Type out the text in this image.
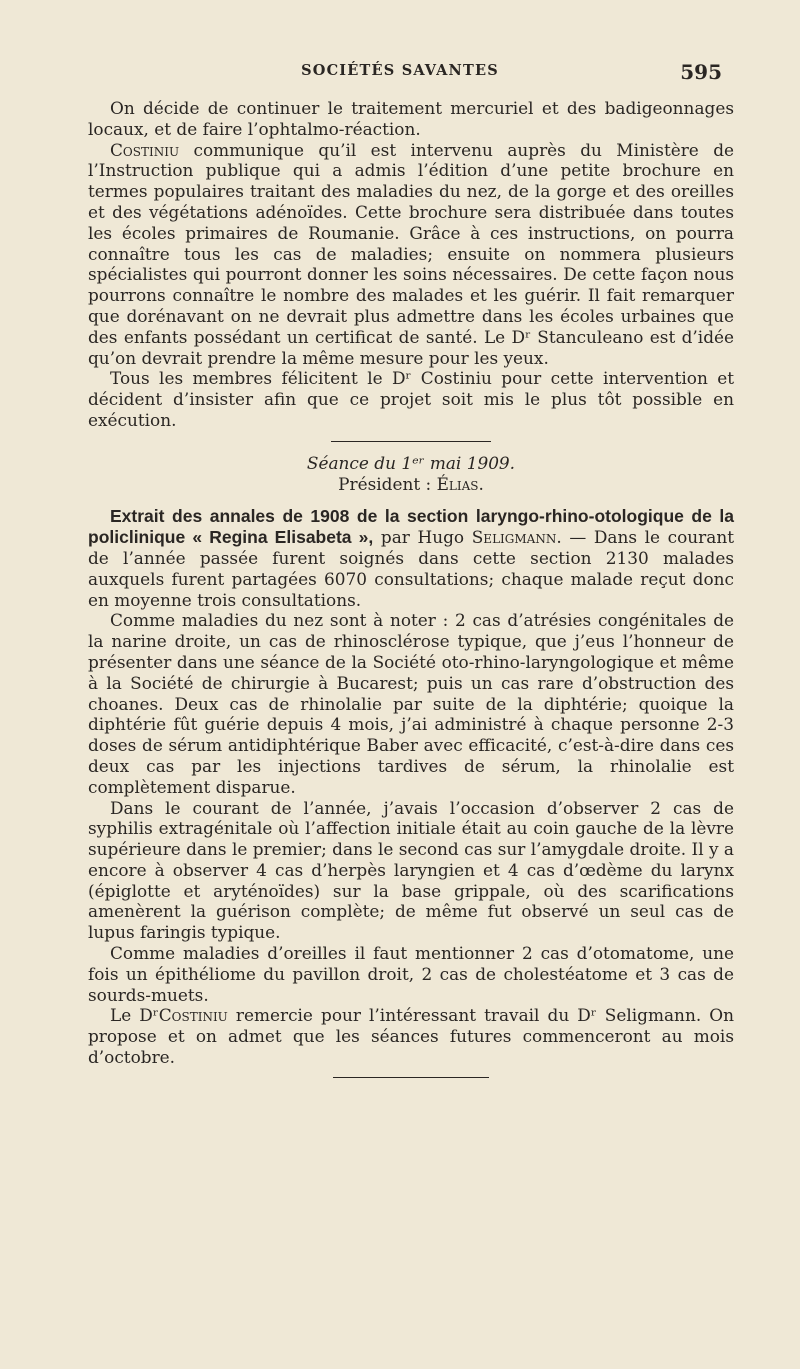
SOCIÉTÉS SAVANTES	595

On décide de continuer le traitement mercuriel et des badigeonnages locaux, et de faire l’ophtalmo-réaction.

Costiniu communique qu’il est intervenu auprès du Ministère de l’Instruction publique qui a admis l’édition d’une petite brochure en termes populaires traitant des maladies du nez, de la gorge et des oreilles et des végétations adénoïdes. Cette brochure sera distribuée dans toutes les écoles primaires de Roumanie. Grâce à ces instructions, on pourra connaître tous les cas de maladies; ensuite on nommera plusieurs spécialistes qui pourront donner les soins nécessaires. De cette façon nous pourrons connaître le nombre des malades et les guérir. Il fait remarquer que dorénavant on ne devrait plus admettre dans les écoles urbaines que des enfants possédant un certificat de santé. Le Dʳ Stanculeano est d’idée qu’on devrait prendre la même mesure pour les yeux.

Tous les membres félicitent le Dʳ Costiniu pour cette intervention et décident d’insister afin que ce projet soit mis le plus tôt possible en exécution.

Séance du 1ᵉʳ mai 1909.
Président : Élias.

Extrait des annales de 1908 de la section laryngo-rhino-otologique de la policlinique « Regina Elisabeta », par Hugo Seligmann. — Dans le courant de l’année passée furent soignés dans cette section 2130 malades auxquels furent partagées 6070 consultations; chaque malade reçut donc en moyenne trois consultations.

Comme maladies du nez sont à noter : 2 cas d’atrésies congénitales de la narine droite, un cas de rhinosclérose typique, que j’eus l’honneur de présenter dans une séance de la Société oto-rhino-laryngologique et même à la Société de chirurgie à Bucarest; puis un cas rare d’obstruction des choanes. Deux cas de rhinolalie par suite de la diphtérie; quoique la diphtérie fût guérie depuis 4 mois, j’ai administré à chaque personne 2-3 doses de sérum antidiphtérique Baber avec efficacité, c’est-à-dire dans ces deux cas par les injections tardives de sérum, la rhinolalie est complètement disparue.

Dans le courant de l’année, j’avais l’occasion d’observer 2 cas de syphilis extragénitale où l’affection initiale était au coin gauche de la lèvre supérieure dans le premier; dans le second cas sur l’amygdale droite. Il y a encore à observer 4 cas d’herpès laryngien et 4 cas d’œdème du larynx (épiglotte et aryténoïdes) sur la base grippale, où des scarifications amenèrent la guérison complète; de même fut observé un seul cas de lupus faringis typique.

Comme maladies d’oreilles il faut mentionner 2 cas d’otomatome, une fois un épithéliome du pavillon droit, 2 cas de cholestéatome et 3 cas de sourds-muets.

Le DʳCostiniu remercie pour l’intéressant travail du Dʳ Seligmann. On propose et on admet que les séances futures commenceront au mois d’octobre.
